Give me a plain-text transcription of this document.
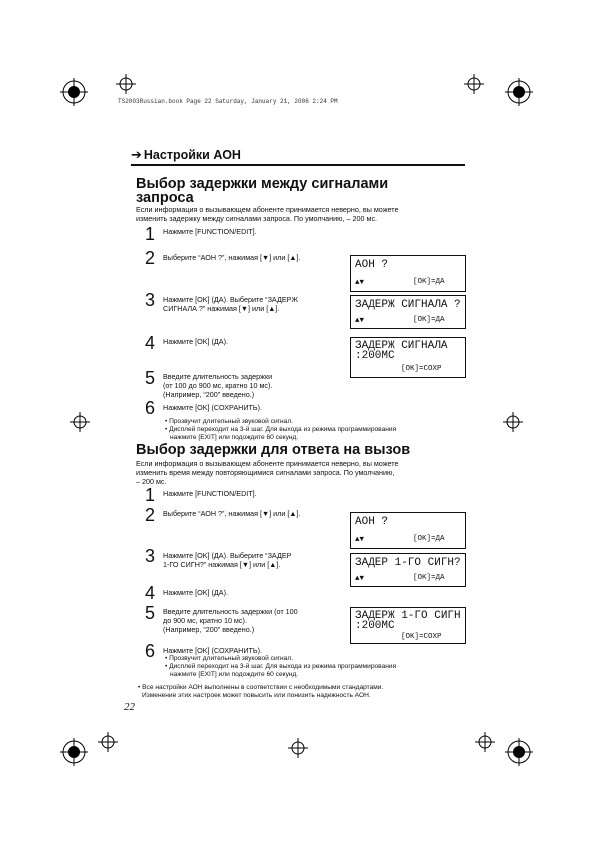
TS2003Russian.book Page 22 Saturday, January 21, 2006 2:24 PM
➔ Настройки АОН
Выбор задержки между сигналами
запроса
Если информация о вызывающем абоненте принимается неверно, вы можете
изменить задержку между сигналами запроса. По умолчанию, – 200 мс.
1 Нажмите [FUNCTION/EDIT].
2 Выберите “АОН ?”, нажимая [▼] или [▲].
3 Нажмите [OK] (ДА). Выберите “ЗАДЕРЖ
СИГНАЛА ?” нажимая [▼] или [▲].
4 Нажмите [OK] (ДА).
5 Введите длительность задержки
(от 100 до 900 мс, кратно 10 мс).
(Например, “200” введено.)
6 Нажмите [OK] (СОХРАНИТЬ).
• Прозвучит длительный звуковой сигнал.
• Дисплей переходит на 3-й шаг. Для выхода из режима программирования
нажмите [EXIT] или подождите 60 секунд.
АОН ?
▲▼	[OK]=ДА
ЗАДЕРЖ СИГНАЛА ?
▲▼	[OK]=ДА
ЗАДЕРЖ СИГНАЛА
:200МС
[OK]=СОХР
Выбор задержки для ответа на вызов
Если информация о вызывающем абоненте принимается неверно, вы можете
изменить время между повторяющимися сигналами запроса. По умолчанию,
– 200 мс.
1 Нажмите [FUNCTION/EDIT].
2 Выберите “АОН ?”, нажимая [▼] или [▲].
3 Нажмите [OK] (ДА). Выберите “ЗАДЕР
1-ГО СИГН?” нажимая [▼] или [▲].
4 Нажмите [OK] (ДА).
5 Введите длительность задержки (от 100
до 900 мс, кратно 10 мс).
(Например, “200” введено.)
6 Нажмите [OK] (СОХРАНИТЬ).
• Прозвучит длительный звуковой сигнал.
• Дисплей переходит на 3-й шаг. Для выхода из режима программирования
нажмите [EXIT] или подождите 60 секунд.
АОН ?
▲▼	[OK]=ДА
ЗАДЕР 1-ГО СИГН?
▲▼	[OK]=ДА
ЗАДЕРЖ 1-ГО СИГН
:200МС
[OK]=СОХР
• Все настройки АОН выполнены в соответствии с необходимыми стандартами.
Изменение этих настроек может повысить или понизить надежность АОН.
22
